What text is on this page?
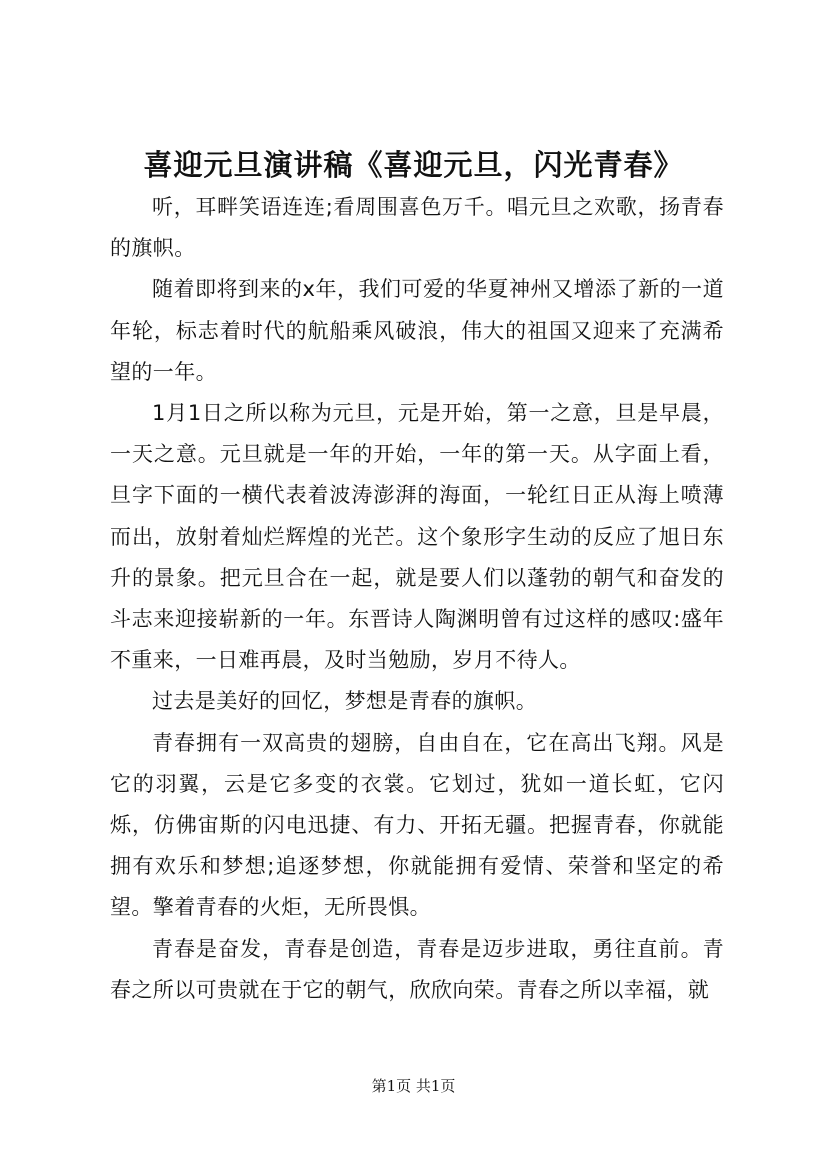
喜迎元旦演讲稿《喜迎元旦，闪光青春》

听，耳畔笑语连连;看周围喜色万千。唱元旦之欢歌，扬青春的旗帜。

随着即将到来的x年，我们可爱的华夏神州又增添了新的一道年轮，标志着时代的航船乘风破浪，伟大的祖国又迎来了充满希望的一年。

1月1日之所以称为元旦，元是开始，第一之意，旦是早晨，一天之意。元旦就是一年的开始，一年的第一天。从字面上看，旦字下面的一横代表着波涛澎湃的海面，一轮红日正从海上喷薄而出，放射着灿烂辉煌的光芒。这个象形字生动的反应了旭日东升的景象。把元旦合在一起，就是要人们以蓬勃的朝气和奋发的斗志来迎接崭新的一年。东晋诗人陶渊明曾有过这样的感叹:盛年不重来，一日难再晨，及时当勉励，岁月不待人。

过去是美好的回忆，梦想是青春的旗帜。

青春拥有一双高贵的翅膀，自由自在，它在高出飞翔。风是它的羽翼，云是它多变的衣裳。它划过，犹如一道长虹，它闪烁，仿佛宙斯的闪电迅捷、有力、开拓无疆。把握青春，你就能拥有欢乐和梦想;追逐梦想，你就能拥有爱情、荣誉和坚定的希望。擎着青春的火炬，无所畏惧。

青春是奋发，青春是创造，青春是迈步进取，勇往直前。青春之所以可贵就在于它的朝气，欣欣向荣。青春之所以幸福，就

第1页 共1页
